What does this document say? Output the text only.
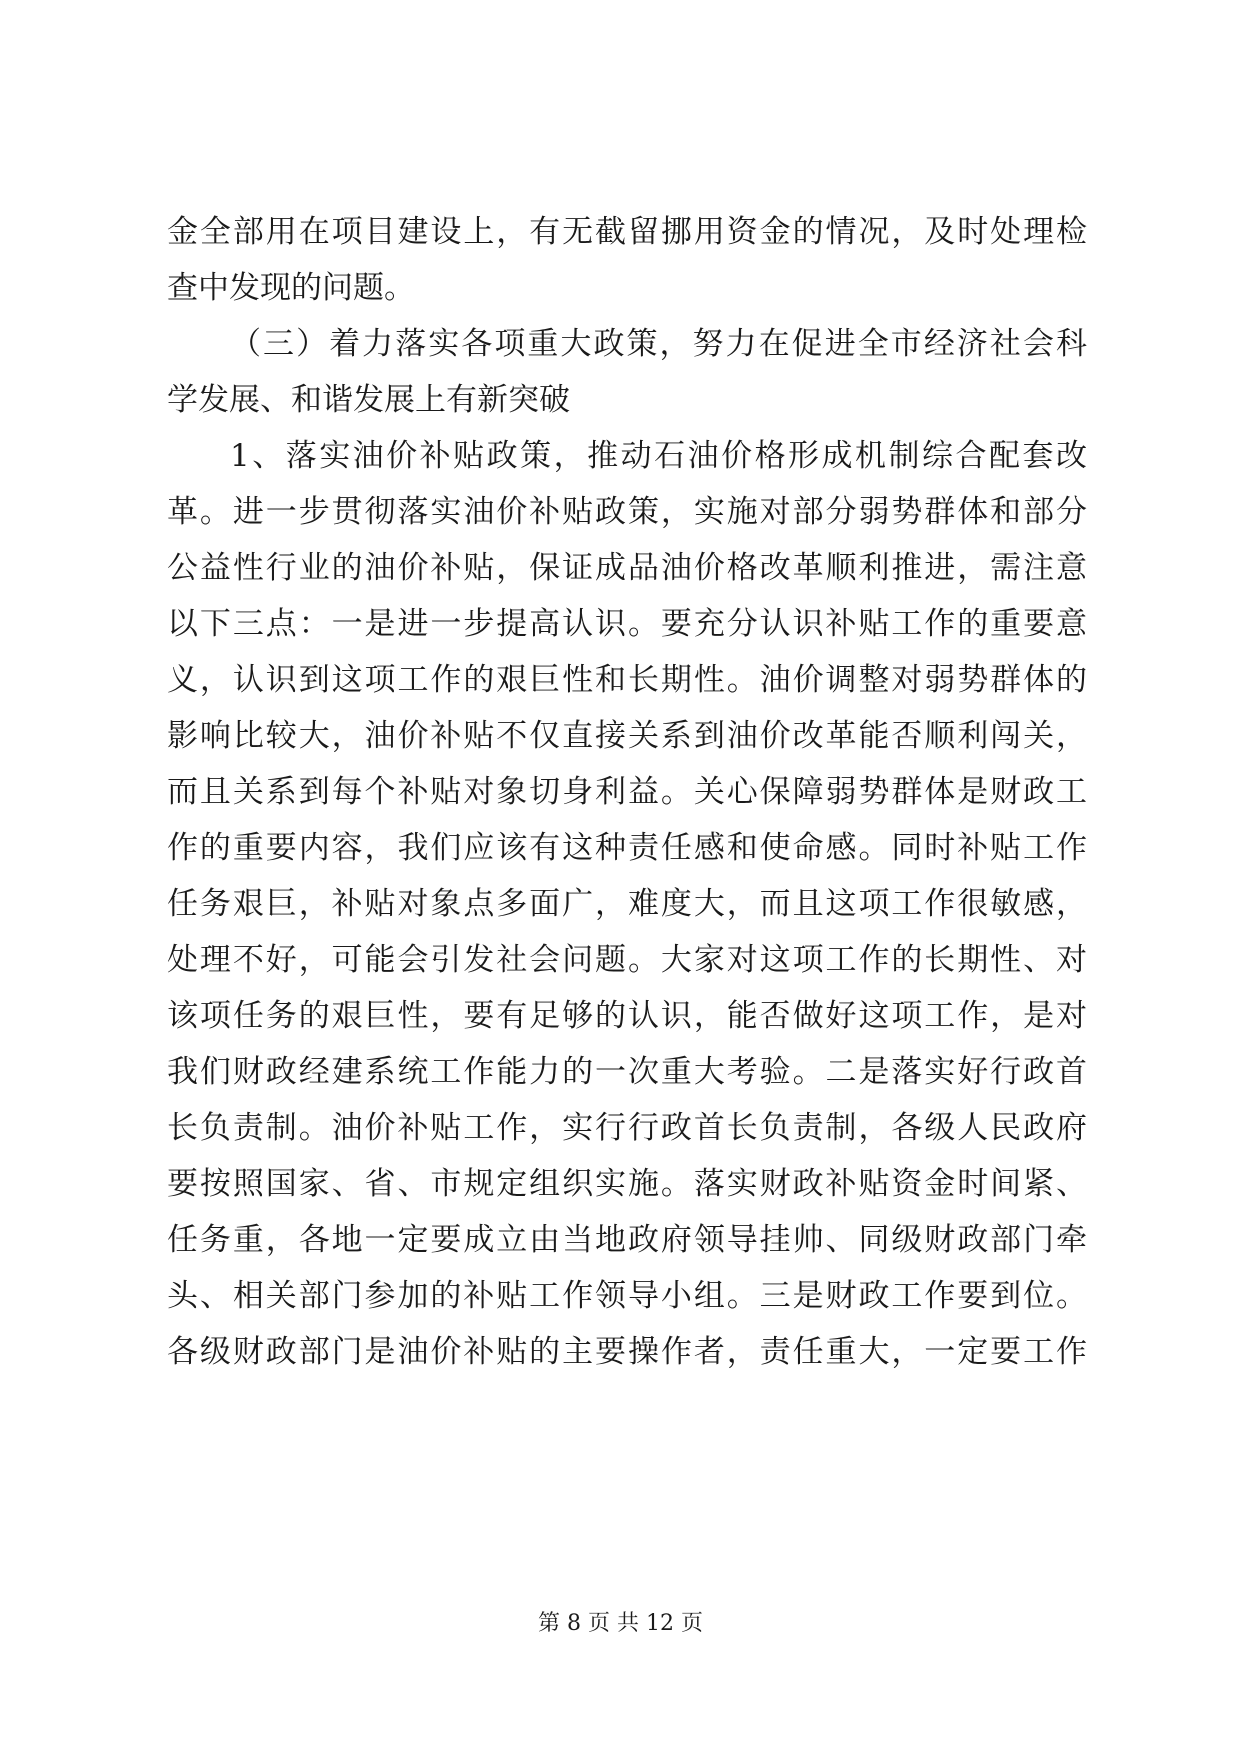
金全部用在项目建设上，有无截留挪用资金的情况，及时处理检
查中发现的问题。
（三）着力落实各项重大政策，努力在促进全市经济社会科
学发展、和谐发展上有新突破
1、落实油价补贴政策，推动石油价格形成机制综合配套改
革。进一步贯彻落实油价补贴政策，实施对部分弱势群体和部分
公益性行业的油价补贴，保证成品油价格改革顺利推进，需注意
以下三点：一是进一步提高认识。要充分认识补贴工作的重要意
义，认识到这项工作的艰巨性和长期性。油价调整对弱势群体的
影响比较大，油价补贴不仅直接关系到油价改革能否顺利闯关，
而且关系到每个补贴对象切身利益。关心保障弱势群体是财政工
作的重要内容，我们应该有这种责任感和使命感。同时补贴工作
任务艰巨，补贴对象点多面广，难度大，而且这项工作很敏感，
处理不好，可能会引发社会问题。大家对这项工作的长期性、对
该项任务的艰巨性，要有足够的认识，能否做好这项工作，是对
我们财政经建系统工作能力的一次重大考验。二是落实好行政首
长负责制。油价补贴工作，实行行政首长负责制，各级人民政府
要按照国家、省、市规定组织实施。落实财政补贴资金时间紧、
任务重，各地一定要成立由当地政府领导挂帅、同级财政部门牵
头、相关部门参加的补贴工作领导小组。三是财政工作要到位。
各级财政部门是油价补贴的主要操作者，责任重大，一定要工作
第 8 页 共 12 页
